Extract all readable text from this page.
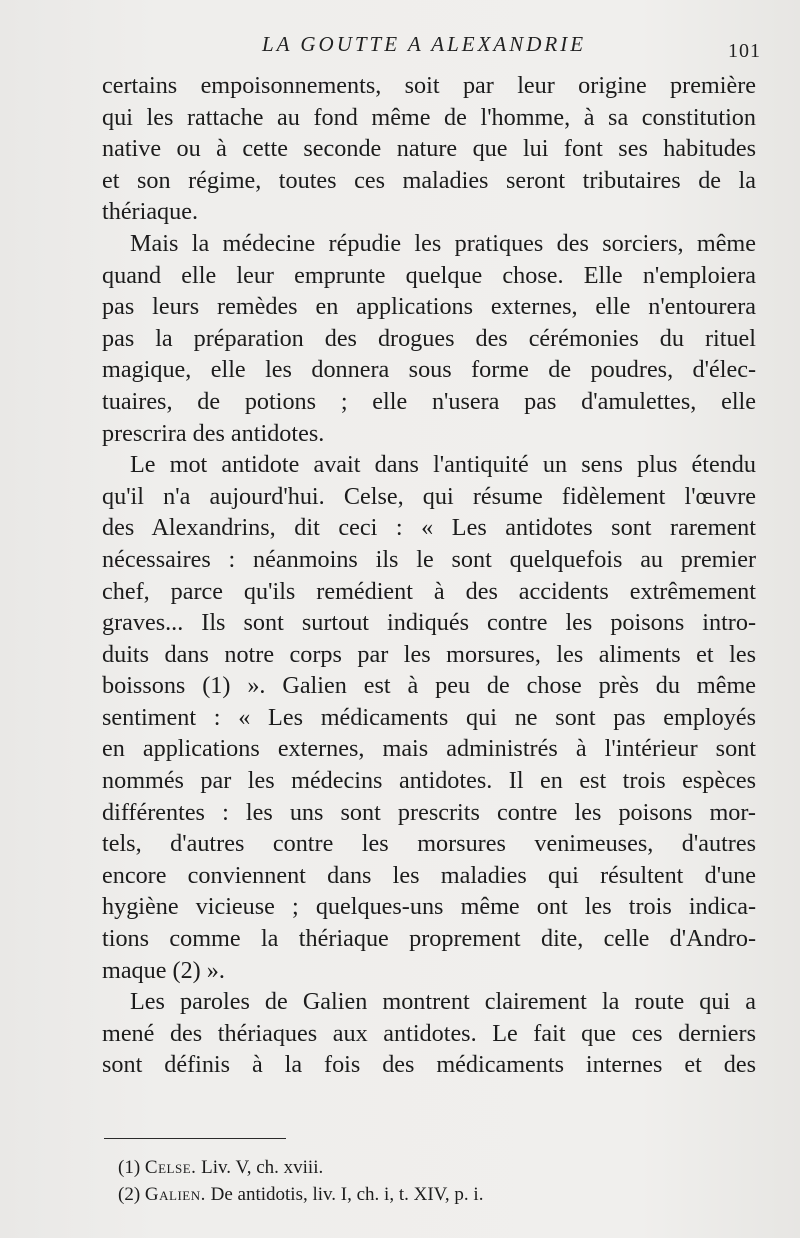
LA GOUTTE A ALEXANDRIE	101
certains empoisonnements, soit par leur origine première
qui les rattache au fond même de l'homme, à sa constitution
native ou à cette seconde nature que lui font ses habitudes
et son régime, toutes ces maladies seront tributaires de la
thériaque.
Mais la médecine répudie les pratiques des sorciers, même
quand elle leur emprunte quelque chose. Elle n'emploiera
pas leurs remèdes en applications externes, elle n'entourera
pas la préparation des drogues des cérémonies du rituel
magique, elle les donnera sous forme de poudres, d'élec-
tuaires, de potions ; elle n'usera pas d'amulettes, elle
prescrira des antidotes.
Le mot antidote avait dans l'antiquité un sens plus étendu
qu'il n'a aujourd'hui. Celse, qui résume fidèlement l'œuvre
des Alexandrins, dit ceci : « Les antidotes sont rarement
nécessaires : néanmoins ils le sont quelquefois au premier
chef, parce qu'ils remédient à des accidents extrêmement
graves... Ils sont surtout indiqués contre les poisons intro-
duits dans notre corps par les morsures, les aliments et les
boissons (1) ». Galien est à peu de chose près du même
sentiment : « Les médicaments qui ne sont pas employés
en applications externes, mais administrés à l'intérieur sont
nommés par les médecins antidotes. Il en est trois espèces
différentes : les uns sont prescrits contre les poisons mor-
tels, d'autres contre les morsures venimeuses, d'autres
encore conviennent dans les maladies qui résultent d'une
hygiène vicieuse ; quelques-uns même ont les trois indica-
tions comme la thériaque proprement dite, celle d'Andro-
maque (2) ».
Les paroles de Galien montrent clairement la route qui a
mené des thériaques aux antidotes. Le fait que ces derniers
sont définis à la fois des médicaments internes et des
(1) Celse. Liv. V, ch. xviii.
(2) Galien. De antidotis, liv. I, ch. i, t. XIV, p. i.
